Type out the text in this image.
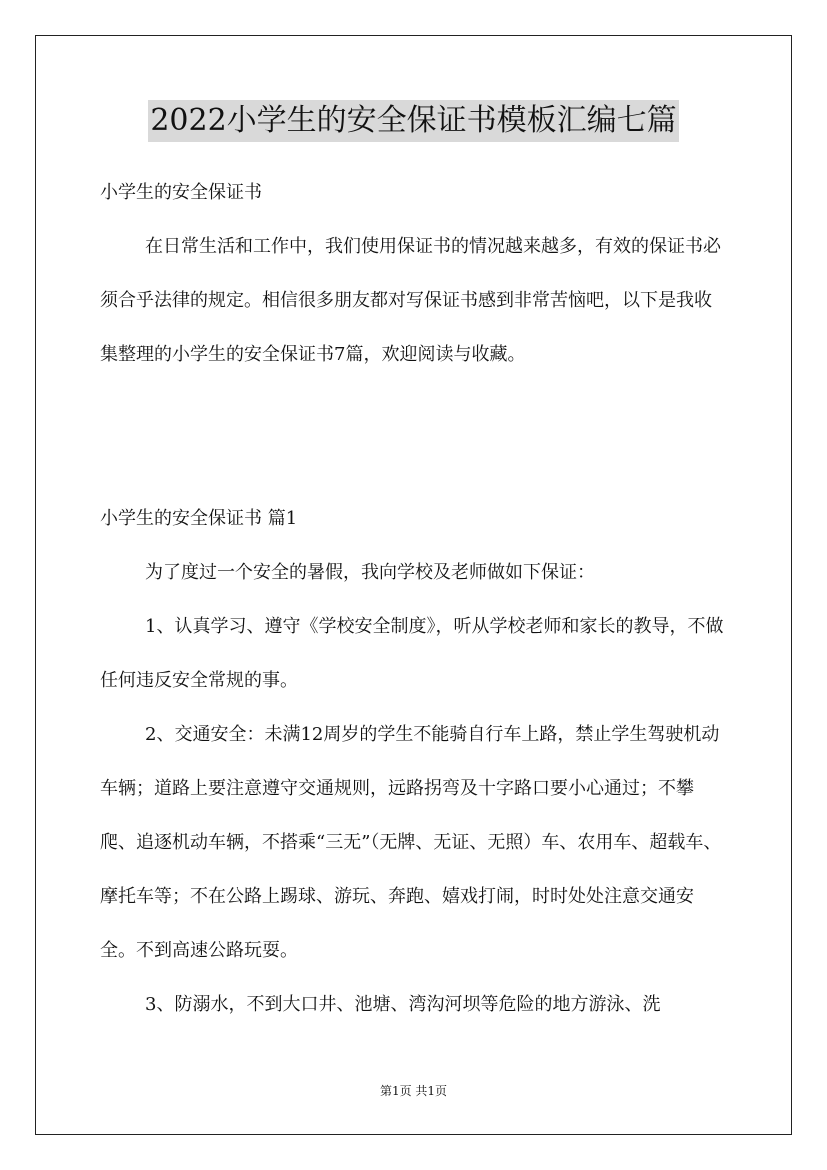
2022小学生的安全保证书模板汇编七篇

小学生的安全保证书

在日常生活和工作中，我们使用保证书的情况越来越多，有效的保证书必须合乎法律的规定。相信很多朋友都对写保证书感到非常苦恼吧，以下是我收集整理的小学生的安全保证书7篇，欢迎阅读与收藏。

小学生的安全保证书 篇1

为了度过一个安全的暑假，我向学校及老师做如下保证：

1、认真学习、遵守《学校安全制度》，听从学校老师和家长的教导，不做任何违反安全常规的事。

2、交通安全：未满12周岁的学生不能骑自行车上路，禁止学生驾驶机动车辆；道路上要注意遵守交通规则，远路拐弯及十字路口要小心通过；不攀爬、追逐机动车辆，不搭乘“三无”（无牌、无证、无照）车、农用车、超载车、摩托车等；不在公路上踢球、游玩、奔跑、嬉戏打闹，时时处处注意交通安全。不到高速公路玩耍。

3、防溺水，不到大口井、池塘、湾沟河坝等危险的地方游泳、洗

第1页 共1页
